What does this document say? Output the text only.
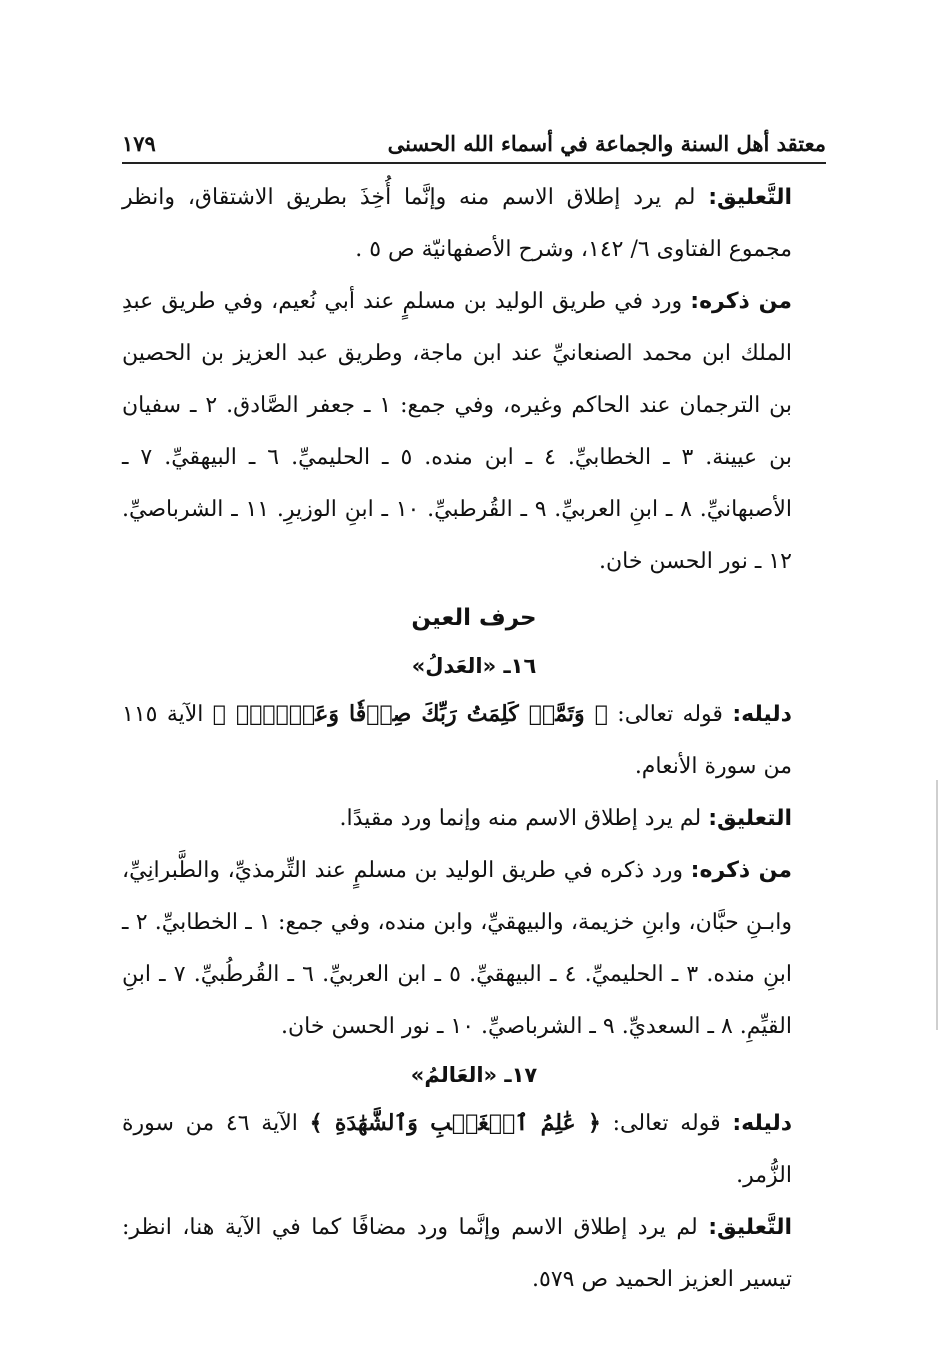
معتقد أهل السنة والجماعة في أسماء الله الحسنى
١٧٩

التَّعليق: لم يرد إطلاق الاسم منه وإنَّما أُخِذَ بطريق الاشتقاق، وانظر مجموع الفتاوى ٦/ ١٤٢، وشرح الأصفهانيّة ص ٥ .

من ذكره: ورد في طريق الوليد بن مسلمٍ عند أبي نُعيم، وفي طريق عبدِ الملك ابن محمد الصنعانيِّ عند ابن ماجة، وطريق عبد العزيز بن الحصين بن الترجمان عند الحاكم وغيره، وفي جمع: ١ ـ جعفر الصَّادق. ٢ ـ سفيان بن عيينة. ٣ ـ الخطابيِّ. ٤ ـ ابن منده. ٥ ـ الحليميِّ. ٦ ـ البيهقيِّ. ٧ ـ الأصبهانيِّ. ٨ ـ ابنِ العربيِّ. ٩ ـ القُرطبيِّ. ١٠ ـ ابنِ الوزيرِ. ١١ ـ الشرباصيِّ. ١٢ ـ نور الحسن خان.

حرف العين
١٦ـ «العَدلُ»

دليله: قوله تعالى: ﴿ وَتَمَّتۡ كَلِمَتُ رَبِّكَ صِدۡقٗا وَعَدۡلٗاۚ ﴾ الآية ١١٥ من سورة الأنعام.

التعليق: لم يرد إطلاق الاسم منه وإنما ورد مقيدًا.

من ذكره: ورد ذكره في طريق الوليد بن مسلمٍ عند التِّرمذيِّ، والطَّبرانِيِّ، وابـنِ حبَّان، وابنِ خزيمة، والبيهقيِّ، وابن منده، وفي جمع: ١ ـ الخطابيِّ. ٢ ـ ابنِ منده. ٣ ـ الحليميِّ. ٤ ـ البيهقيِّ. ٥ ـ ابن العربيِّ. ٦ ـ القُرطُبيِّ. ٧ ـ ابنِ القيِّمِ. ٨ ـ السعديِّ. ٩ ـ الشرباصيِّ. ١٠ ـ نور الحسن خان.

١٧ـ «العَالمُ»

دليله: قوله تعالى: ﴿ عَٰلِمُ ٱلۡغَيۡبِ وَٱلشَّهَٰدَةِ ﴾ الآية ٤٦ من سورة الزُّمر.

التَّعليق: لم يرد إطلاق الاسم وإنَّما ورد مضافًا كما في الآية هنا، انظر: تيسير العزيز الحميد ص ٥٧٩.
